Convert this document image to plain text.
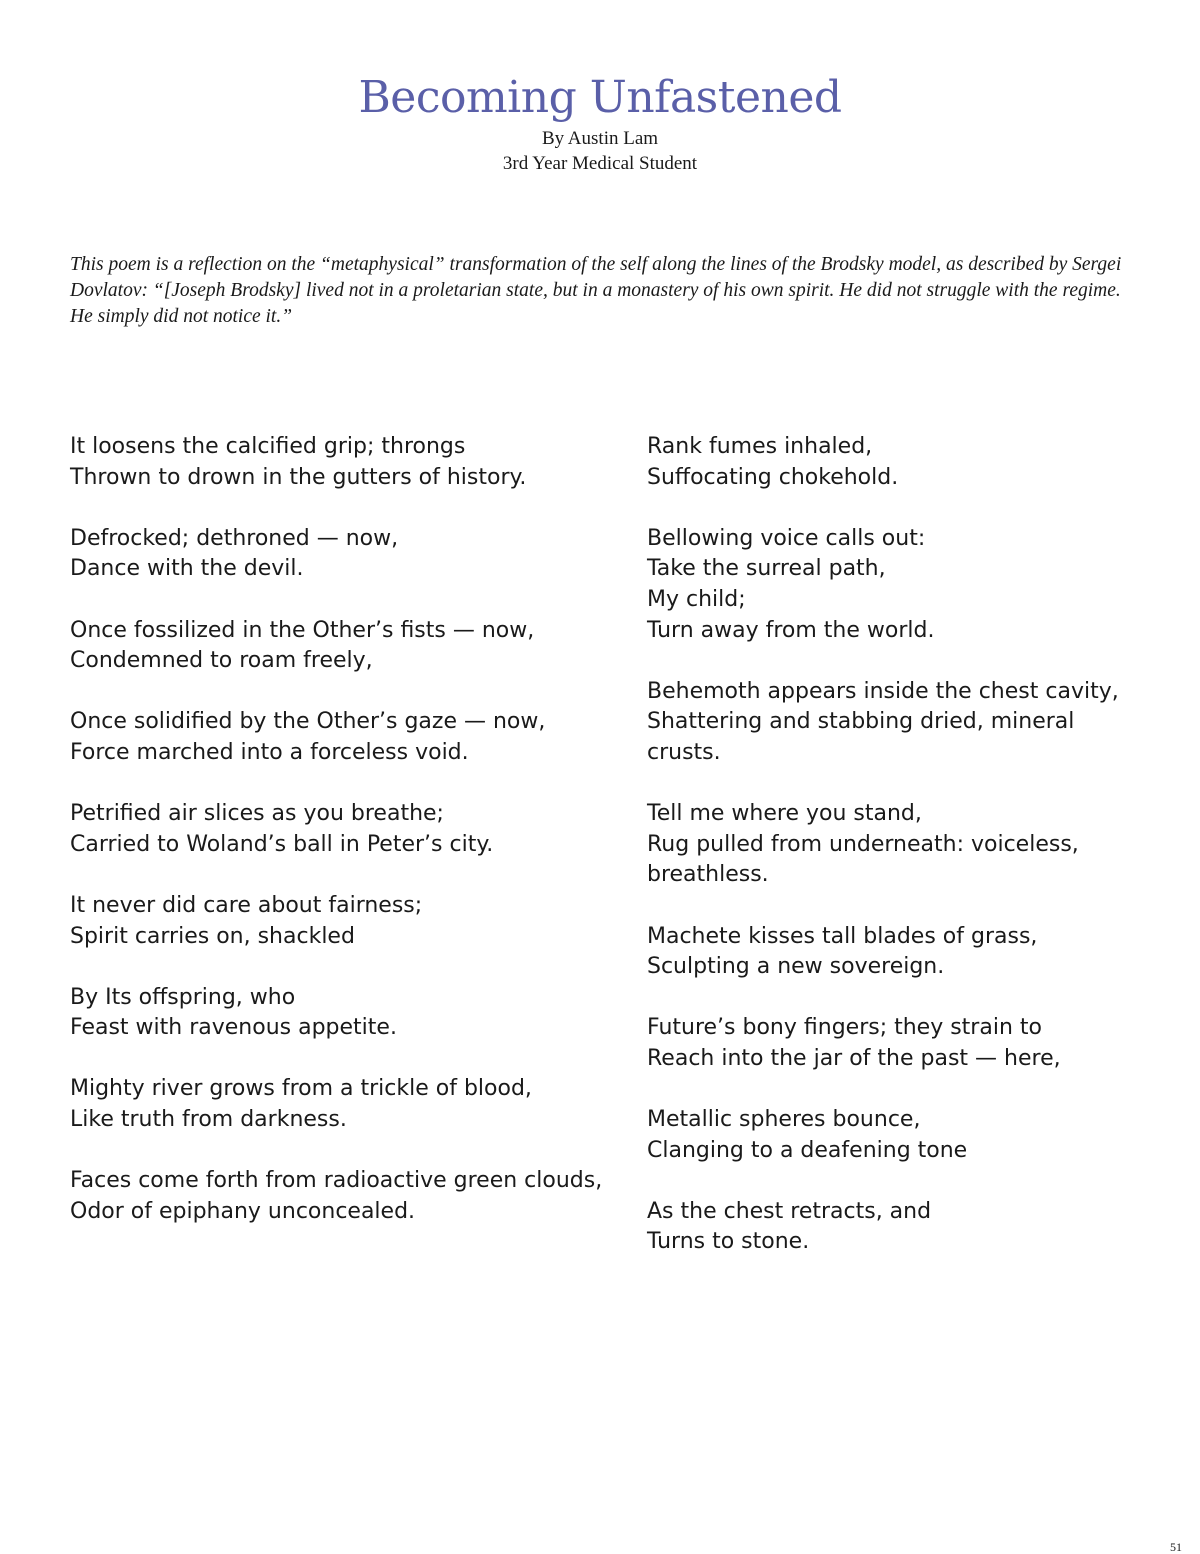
Becoming Unfastened

By Austin Lam

3rd Year Medical Student

This poem is a reflection on the “metaphysical” transformation of the self along the lines of the Brodsky model, as described by Sergei Dovlatov: “[Joseph Brodsky] lived not in a proletarian state, but in a monastery of his own spirit. He did not struggle with the regime. He simply did not notice it.”

It loosens the calcified grip; throngs
Thrown to drown in the gutters of history.
Defrocked; dethroned — now,
Dance with the devil.
Once fossilized in the Other’s fists — now,
Condemned to roam freely,
Once solidified by the Other’s gaze — now,
Force marched into a forceless void.
Petrified air slices as you breathe;
Carried to Woland’s ball in Peter’s city.
It never did care about fairness;
Spirit carries on, shackled
By Its offspring, who
Feast with ravenous appetite.
Mighty river grows from a trickle of blood,
Like truth from darkness.
Faces come forth from radioactive green clouds,
Odor of epiphany unconcealed.
Rank fumes inhaled,
Suffocating chokehold.
Bellowing voice calls out:
Take the surreal path,
My child;
Turn away from the world.
Behemoth appears inside the chest cavity,
Shattering and stabbing dried, mineral crusts.
Tell me where you stand,
Rug pulled from underneath: voiceless, breathless.
Machete kisses tall blades of grass,
Sculpting a new sovereign.
Future’s bony fingers; they strain to
Reach into the jar of the past — here,
Metallic spheres bounce,
Clanging to a deafening tone
As the chest retracts, and
Turns to stone.
51
